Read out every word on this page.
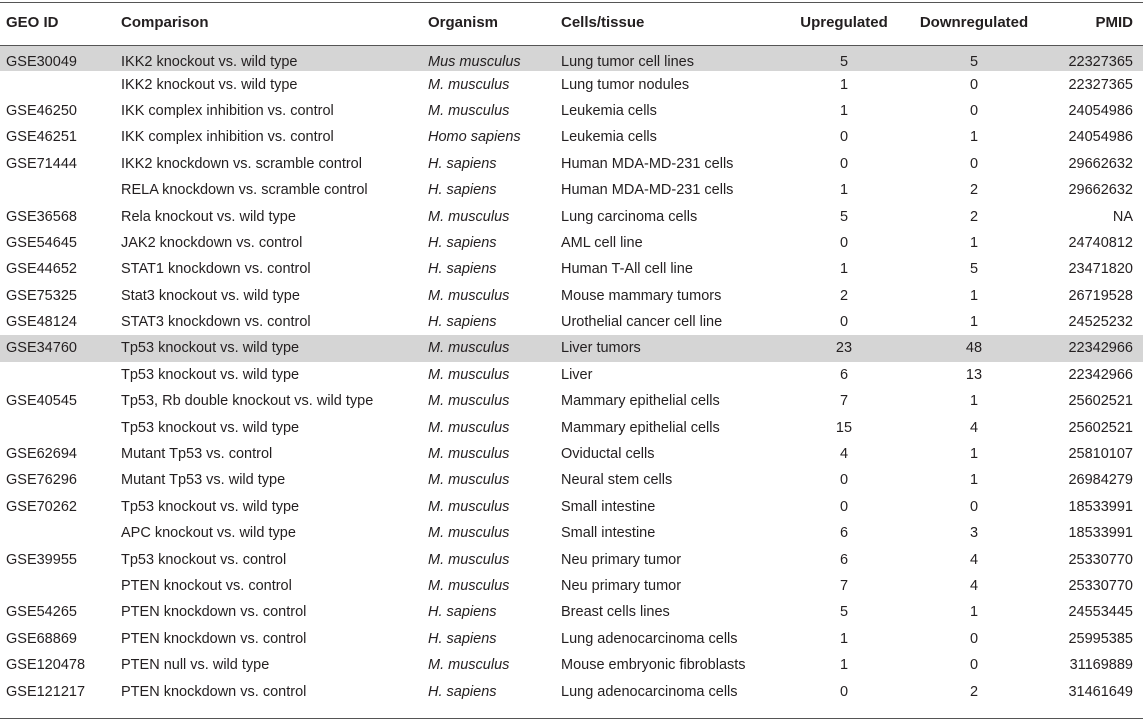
GEO ID	Comparison	Organism	Cells/tissue	Upregulated	Downregulated	PMID
GSE30049	IKK2 knockout vs. wild type	Mus musculus	Lung tumor cell lines	5	5	22327365
	IKK2 knockout vs. wild type	M. musculus	Lung tumor nodules	1	0	22327365
GSE46250	IKK complex inhibition vs. control	M. musculus	Leukemia cells	1	0	24054986
GSE46251	IKK complex inhibition vs. control	Homo sapiens	Leukemia cells	0	1	24054986
GSE71444	IKK2 knockdown vs. scramble control	H. sapiens	Human MDA-MD-231 cells	0	0	29662632
	RELA knockdown vs. scramble control	H. sapiens	Human MDA-MD-231 cells	1	2	29662632
GSE36568	Rela knockout vs. wild type	M. musculus	Lung carcinoma cells	5	2	NA
GSE54645	JAK2 knockdown vs. control	H. sapiens	AML cell line	0	1	24740812
GSE44652	STAT1 knockdown vs. control	H. sapiens	Human T-All cell line	1	5	23471820
GSE75325	Stat3 knockout vs. wild type	M. musculus	Mouse mammary tumors	2	1	26719528
GSE48124	STAT3 knockdown vs. control	H. sapiens	Urothelial cancer cell line	0	1	24525232
GSE34760	Tp53 knockout vs. wild type	M. musculus	Liver tumors	23	48	22342966
	Tp53 knockout vs. wild type	M. musculus	Liver	6	13	22342966
GSE40545	Tp53, Rb double knockout vs. wild type	M. musculus	Mammary epithelial cells	7	1	25602521
	Tp53 knockout vs. wild type	M. musculus	Mammary epithelial cells	15	4	25602521
GSE62694	Mutant Tp53 vs. control	M. musculus	Oviductal cells	4	1	25810107
GSE76296	Mutant Tp53 vs. wild type	M. musculus	Neural stem cells	0	1	26984279
GSE70262	Tp53 knockout vs. wild type	M. musculus	Small intestine	0	0	18533991
	APC knockout vs. wild type	M. musculus	Small intestine	6	3	18533991
GSE39955	Tp53 knockout vs. control	M. musculus	Neu primary tumor	6	4	25330770
	PTEN knockout vs. control	M. musculus	Neu primary tumor	7	4	25330770
GSE54265	PTEN knockdown vs. control	H. sapiens	Breast cells lines	5	1	24553445
GSE68869	PTEN knockdown vs. control	H. sapiens	Lung adenocarcinoma cells	1	0	25995385
GSE120478	PTEN null vs. wild type	M. musculus	Mouse embryonic fibroblasts	1	0	31169889
GSE121217	PTEN knockdown vs. control	H. sapiens	Lung adenocarcinoma cells	0	2	31461649
